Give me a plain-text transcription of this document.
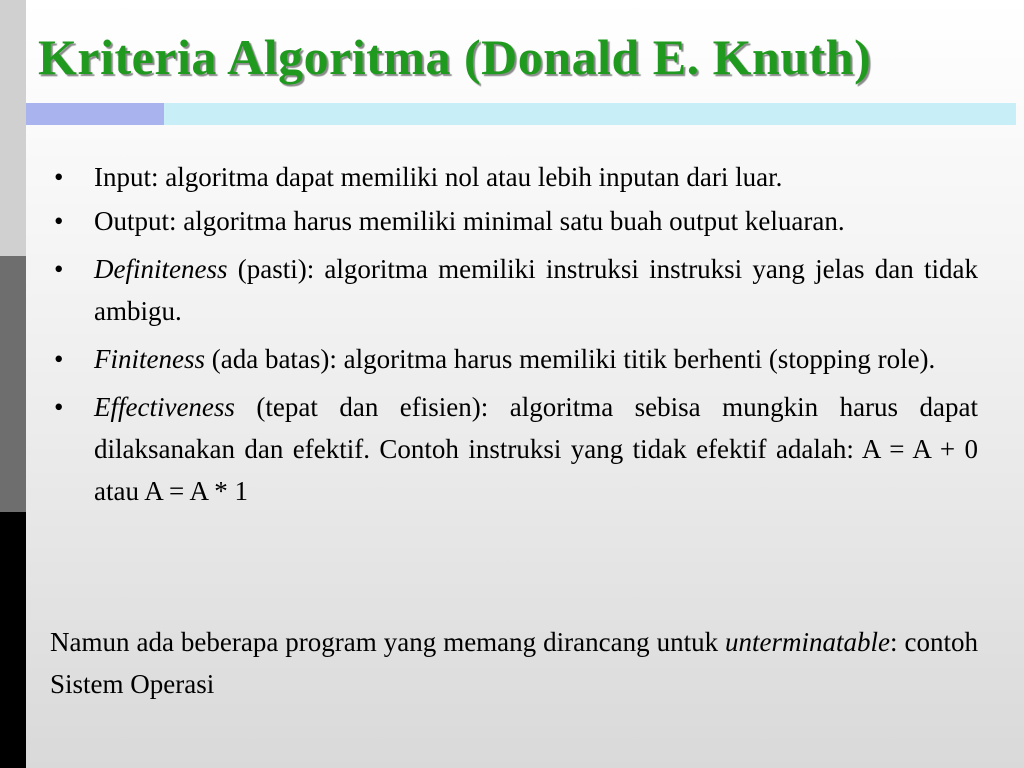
Kriteria Algoritma (Donald E. Knuth)
• Input: algoritma dapat memiliki nol atau lebih inputan dari luar.
• Output: algoritma harus memiliki minimal satu buah output keluaran.
• Definiteness (pasti): algoritma memiliki instruksi instruksi yang jelas dan tidak ambigu.
• Finiteness (ada batas): algoritma harus memiliki titik berhenti (stopping role).
• Effectiveness (tepat dan efisien): algoritma sebisa mungkin harus dapat dilaksanakan dan efektif. Contoh instruksi yang tidak efektif adalah: A = A + 0 atau A = A * 1

Namun ada beberapa program yang memang dirancang untuk unterminatable: contoh Sistem Operasi
